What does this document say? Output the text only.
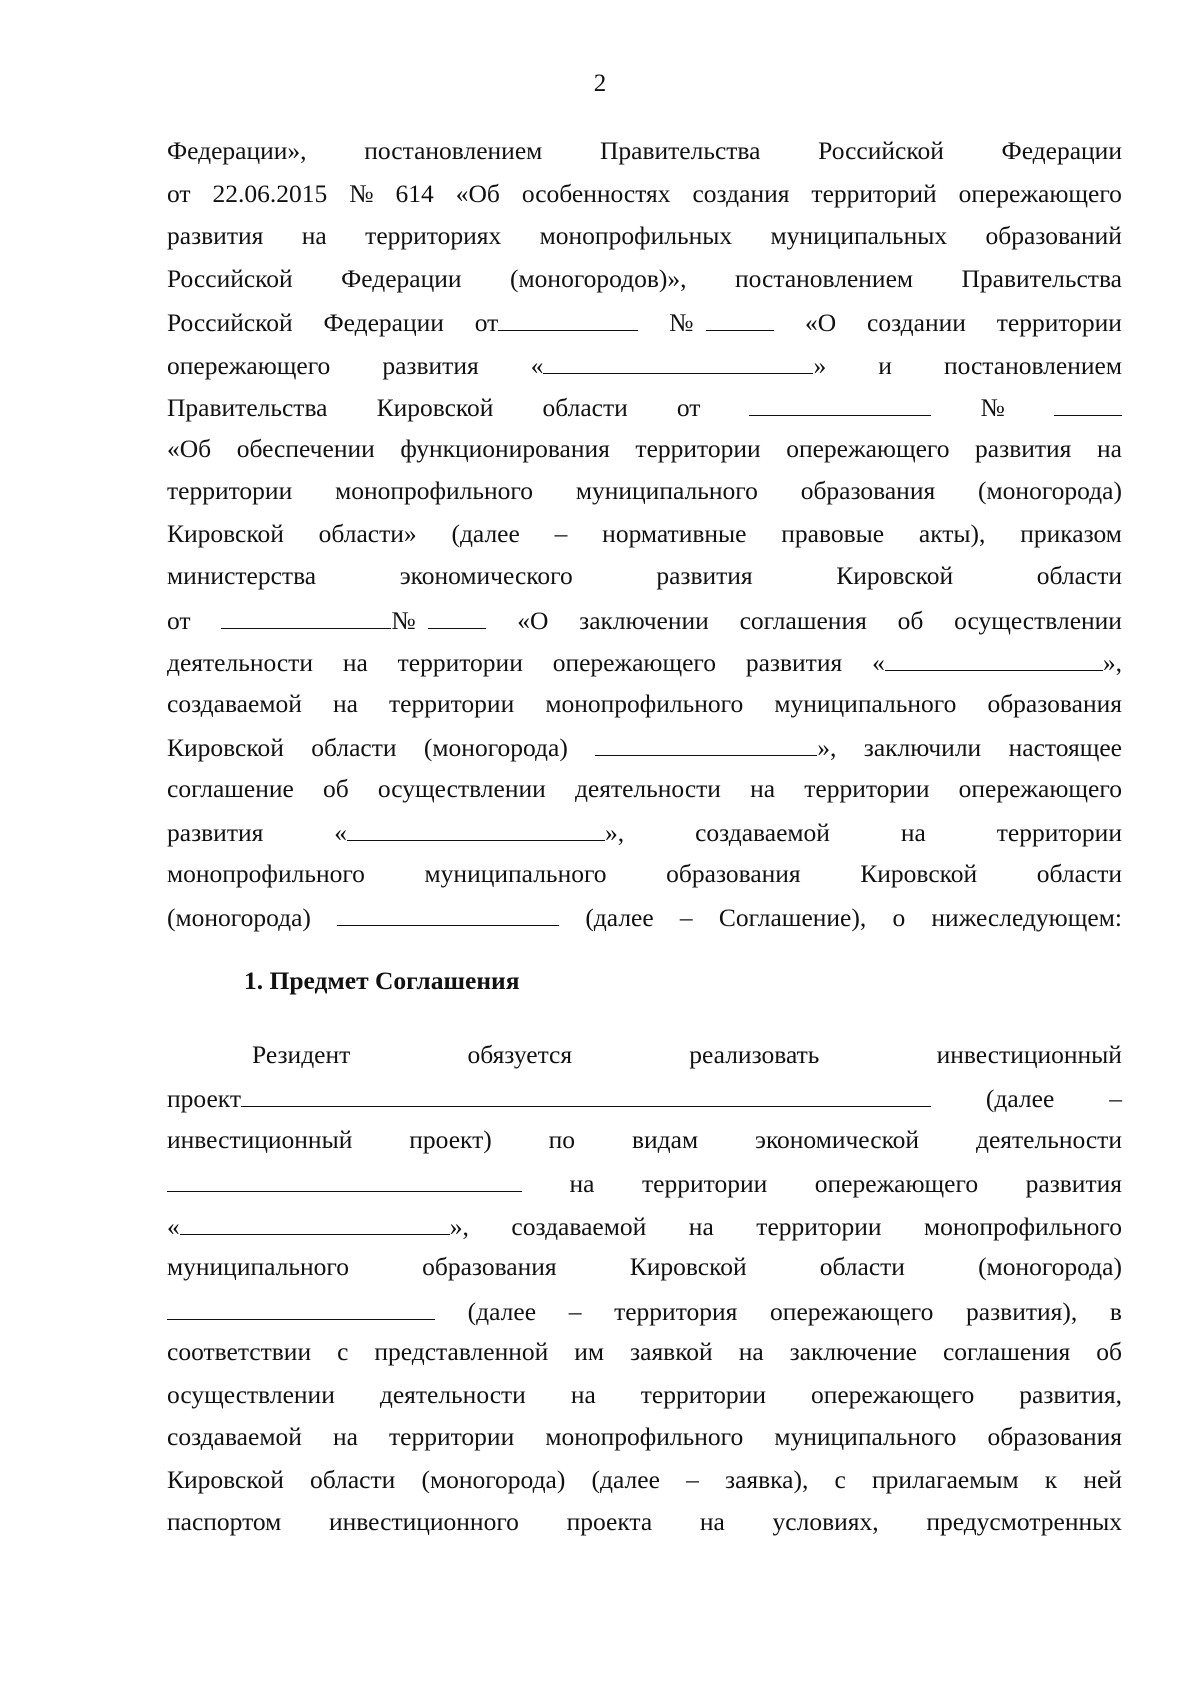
2
Федерации», постановлением Правительства Российской Федерации
от 22.06.2015 № 614 «Об особенностях создания территорий опережающего
развития на территориях монопрофильных муниципальных образований
Российской Федерации (моногородов)», постановлением Правительства
Российской Федерации от	№	«О создании территории
опережающего развития «	» и постановлением
Правительства Кировской области от	№
«Об обеспечении функционирования территории опережающего развития на
территории монопрофильного муниципального образования (моногорода)
Кировской области» (далее – нормативные правовые акты), приказом
министерства	экономического	развития	Кировской	области
от	№	«О заключении соглашения об осуществлении
деятельности на территории опережающего развития «	»,
создаваемой на территории монопрофильного муниципального образования
Кировской области (моногорода)	», заключили настоящее
соглашение об осуществлении деятельности на территории опережающего
развития	«	»,	создаваемой	на	территории
монопрофильного муниципального образования Кировской области
(моногорода)	(далее – Соглашение), о нижеследующем:
1. Предмет Соглашения
Резидент	обязуется	реализовать	инвестиционный
проект	(далее –
инвестиционный проект) по видам экономической деятельности
на территории опережающего развития
«	», создаваемой на территории монопрофильного
муниципального	образования	Кировской	области	(моногорода)
(далее – территория опережающего развития), в
соответствии с представленной им заявкой на заключение соглашения об
осуществлении деятельности на территории опережающего развития,
создаваемой на территории монопрофильного муниципального образования
Кировской области (моногорода) (далее – заявка), с прилагаемым к ней
паспортом инвестиционного проекта на условиях, предусмотренных
